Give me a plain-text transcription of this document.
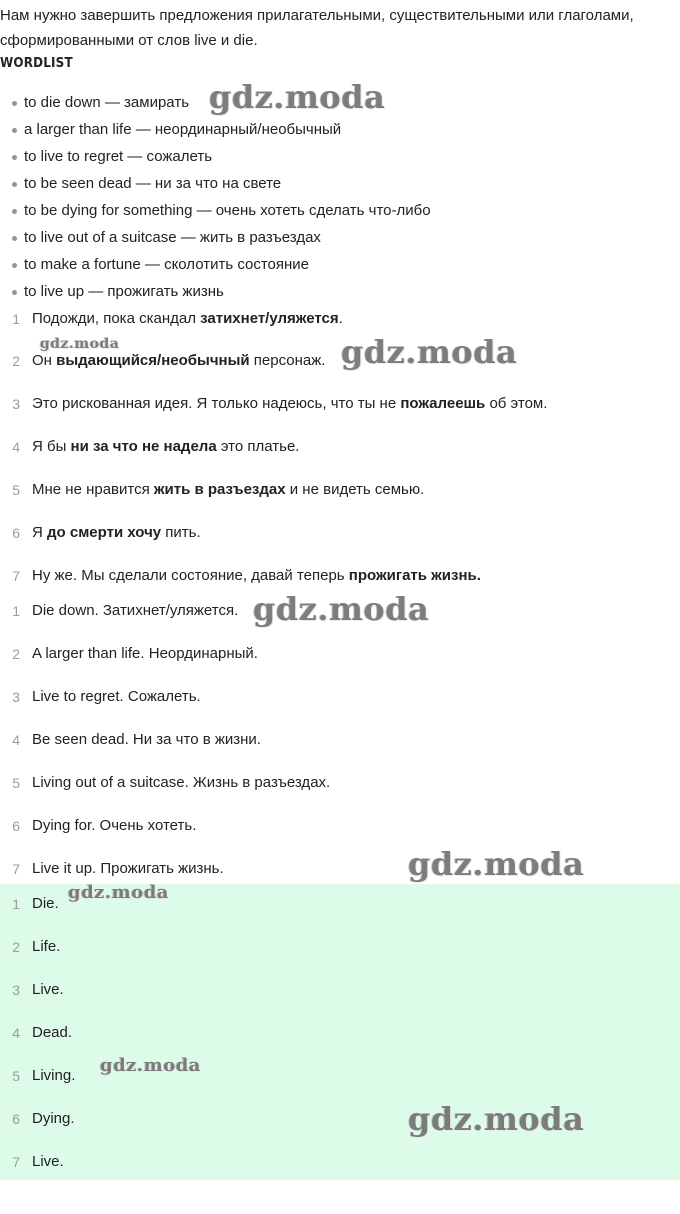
Нам нужно завершить предложения прилагательными, существительными или глаголами, сформированными от слов live и die.

WORDLIST
to die down — замирать
a larger than life — неординарный/необычный
to live to regret — сожалеть
to be seen dead — ни за что на свете
to be dying for something — очень хотеть сделать что-либо
to live out of a suitcase — жить в разъездах
to make a fortune — сколотить состояние
to live up — прожигать жизнь
1 Подожди, пока скандал затихнет/уляжется.
2 Он выдающийся/необычный персонаж.
3 Это рискованная идея. Я только надеюсь, что ты не пожалеешь об этом.
4 Я бы ни за что не надела это платье.
5 Мне не нравится жить в разъездах и не видеть семью.
6 Я до смерти хочу пить.
7 Ну же. Мы сделали состояние, давай теперь прожигать жизнь.
1 Die down. Затихнет/уляжется.
2 A larger than life. Неординарный.
3 Live to regret. Сожалеть.
4 Be seen dead. Ни за что в жизни.
5 Living out of a suitcase. Жизнь в разъездах.
6 Dying for. Очень хотеть.
7 Live it up. Прожигать жизнь.
1 Die.
2 Life.
3 Live.
4 Dead.
5 Living.
6 Dying.
7 Live.
gdz.moda
gdz.moda	gdz.moda
gdz.moda
gdz.moda
gdz.moda
gdz.moda
gdz.moda
